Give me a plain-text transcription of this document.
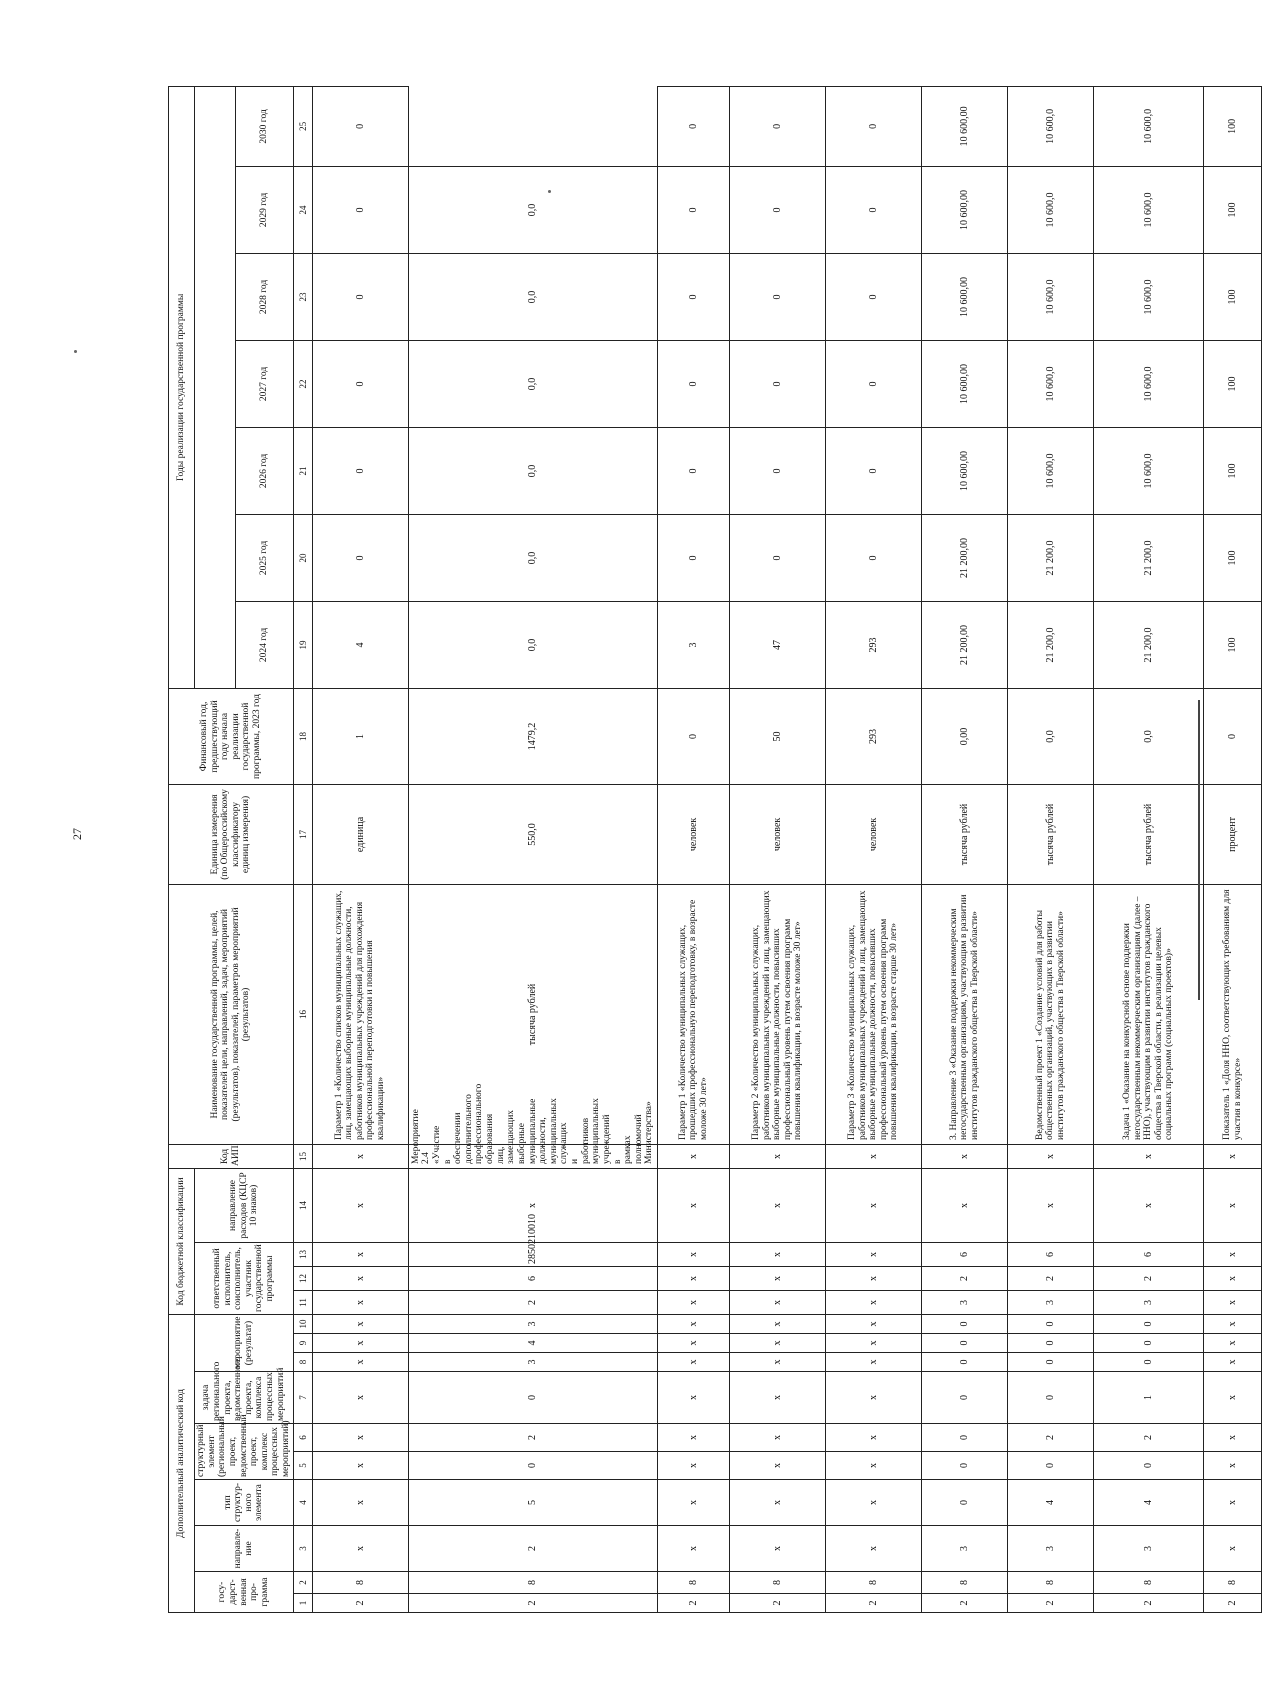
27
Дополнительный аналитический код										Код бюджетной классификации				Код АИП	Наименование государственной программы, целей, показателей цели, направлений, задач, мероприятий (результатов), показателей, параметров мероприятий (результатов)	Единица измерения (по Общероссийскому классификатору единиц измерения)	Финансовый год, предшествующий году начала реализации государственной программы, 2023 год	Годы реализации государственной программы						
госу-дарст-венная про-грамма		направле-ние	тип структур-ного элемента	структурный элемент (региональный проект, ведомственный проект, комплекс процессных мероприятий)		задача регионального проекта, ведомственного проекта, комплекса процессных мероприятий	мероприятие (результат)			ответственный исполнитель, соисполнитель, участник государственной программы			направление расходов (КЦСР 10 знаков)											
																		2024 год	2025 год	2026 год	2027 год	2028 год	2029 год	2030 год
1	2	3	4	5	6	7	8	9	10	11	12	13	14	15	16	17	18	19	20	21	22	23	24	25
2	8	х	х	х	х	х	х	х	х	х	х	х	х	х	Параметр 1 «Количество списков муниципальных служащих, лиц, замещающих выборные муниципальные должности, работников муниципальных учреждений для прохождения профессиональной переподготовки и повышения квалификации»	единица	1	4	0	0	0	0	0	0
2	8	2	5	0	2	0	3	4	3	2	6	2850210010	х	Мероприятие 2.4 «Участие в обеспечении дополнительного профессионального образования лиц, замещающих выборные муниципальные должности, муниципальных служащих и работников муниципальных учреждений в рамках полномочий Министерства»	тысяча рублей	550,0	1479,2	0,0	0,0	0,0	0,0	0,0	0,0	
2	8	х	х	х	х	х	х	х	х	х	х	х	х	х	Параметр 1 «Количество муниципальных служащих, прошедших профессиональную переподготовку, в возрасте моложе 30 лет»	человек	0	3	0	0	0	0	0	0
2	8	х	х	х	х	х	х	х	х	х	х	х	х	х	Параметр 2 «Количество муниципальных служащих, работников муниципальных учреждений и лиц, замещающих выборные муниципальные должности, повысивших профессиональный уровень путем освоения программ повышения квалификации, в возрасте моложе 30 лет»	человек	50	47	0	0	0	0	0	0
2	8	х	х	х	х	х	х	х	х	х	х	х	х	х	Параметр 3 «Количество муниципальных служащих, работников муниципальных учреждений и лиц, замещающих выборные муниципальные должности, повысивших профессиональный уровень путем освоения программ повышения квалификации, в возрасте старше 30 лет»	человек	293	293	0	0	0	0	0	0
2	8	3	0	0	0	0	0	0	0	3	2	6	х	х	3. Направление 3 «Оказание поддержки некоммерческим негосударственным организациям, участвующим в развитии институтов гражданского общества в Тверской области»	тысяча рублей	0,00	21 200,00	21 200,00	10 600,00	10 600,00	10 600,00	10 600,00	10 600,00
2	8	3	4	0	2	0	0	0	0	3	2	6	х	х	Ведомственный проект 1 «Создание условий для работы общественных организаций, участвующих в развитии институтов гражданского общества в Тверской области»	тысяча рублей	0,0	21 200,0	21 200,0	10 600,0	10 600,0	10 600,0	10 600,0	10 600,0
2	8	3	4	0	2	1	0	0	0	3	2	6	х	х	Задача 1 «Оказание на конкурсной основе поддержки негосударственным некоммерческим организациям (далее – ННО), участвующим в развитии институтов гражданского общества в Тверской области, в реализации целевых социальных программ (социальных проектов)»	тысяча рублей	0,0	21 200,0	21 200,0	10 600,0	10 600,0	10 600,0	10 600,0	10 600,0
2	8	х	х	х	х	х	х	х	х	х	х	х	х	х	Показатель 1 «Доля ННО, соответствующих требованиям для участия в конкурсе»	процент	0	100	100	100	100	100	100	100
